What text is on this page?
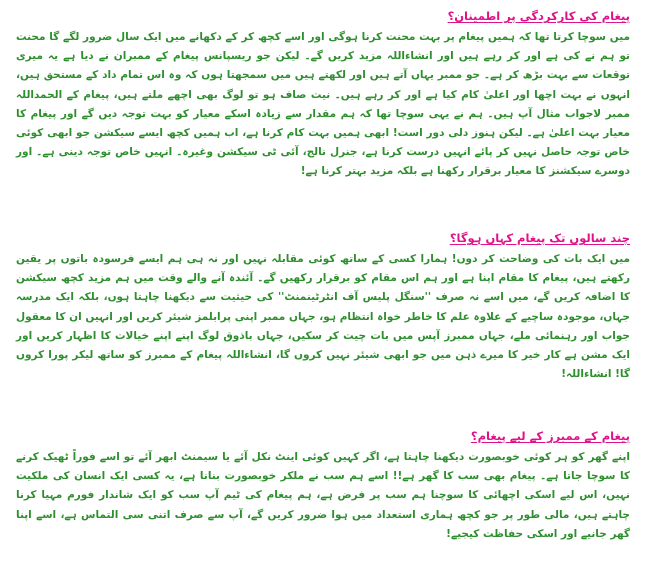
پیغام کی کارکردگی پر اطمینان؟

میں سوچا کرتا تھا کہ ہمیں پیغام پر بہت محنت کرنا ہوگی اور اسے کچھ کر کے دکھانے میں ایک سال ضرور لگے گا محنت تو ہم نے کی ہے اور کر رہے ہیں اور انشاءاللہ مزید کریں گے۔ لیکن جو ریسپانس پیغام کے ممبران نے دیا ہے یہ میری توقعات سے بہت بڑھ کر ہے۔ جو ممبر یہاں آتے ہیں اور لکھتے ہیں میں سمجھتا ہوں کہ وہ اس تمام داد کے مستحق ہیں، انہوں نے بہت اچھا اور اعلیٰ کام کیا ہے اور کر رہے ہیں۔ نیت صاف ہو تو لوگ بھی اچھے ملتے ہیں، پیغام کے الحمداللہ ممبر لاجواب مثال آپ ہیں۔ ہم نے یہی سوچا تھا کہ ہم مقدار سے زیادہ اسکے معیار کو بہت توجہ دیں گے اور پیغام کا معیار بہت اعلیٰ ہے۔ لیکن ہنوز دلی دور است! ابھی ہمیں بہت کام کرنا ہے، اب ہمیں کچھ ایسے سیکشن جو ابھی کوئی خاص توجہ حاصل نہیں کر پائے انہیں درست کرنا ہے، جنرل نالج، آئی ٹی سیکشن وغیرہ۔ انہیں خاص توجہ دینی ہے۔ اور دوسرے سیکشنز کا معیار برقرار رکھنا ہے بلکہ مزید بہتر کرنا ہے!

چند سالوں تک پیغام کہاں ہوگا؟

میں ایک بات کی وضاحت کر دوں! ہمارا کسی کے ساتھ کوئی مقابلہ نہیں اور نہ ہی ہم ایسے فرسودہ باتوں پر یقین رکھتے ہیں، پیغام کا مقام اپنا ہے اور ہم اس مقام کو برقرار رکھیں گے۔ آئندہ آنے والے وقت میں ہم مزید کچھ سیکشن کا اضافہ کریں گے، میں اسے نہ صرف ''سنگل پلیس آف انٹرٹینمنٹ'' کی حیثیت سے دیکھنا چاہتا ہوں، بلکہ ایک مدرسہ جہاں، موجودہ ساچیے کے علاوہ علم کا خاطر خواہ انتظام ہو، جہاں ممبر اپنی پرابلمز شیئر کریں اور انہیں ان کا معقول جواب اور رہنمائی ملے، جہاں ممبرز آپس میں بات چیت کر سکیں، جہاں باذوق لوگ اپنے اپنے خیالات کا اظہار کریں اور ایک مشن ہے کار خیر کا میرے ذہن میں جو ابھی شیئر نہیں کروں گا، انشاءاللہ پیغام کے ممبرز کو ساتھ لیکر پورا کروں گا! انشاءاللہ!

پیغام کے ممبرز کے لیے پیغام؟

اپنے گھر کو ہر کوئی خوبصورت دیکھنا چاہتا ہے، اگر کہیں کوئی اینٹ نکل آئے یا سیمنٹ ابھر آئے تو اسے فوراً ٹھیک کرنے کا سوچا جاتا ہے۔ پیغام بھی سب کا گھر ہے!! اسے ہم سب نے ملکر خوبصورت بنانا ہے، یہ کسی ایک انسان کی ملکیت نہیں، اس لیے اسکی اچھائی کا سوچنا ہم سب پر فرض ہے، ہم پیغام کی ٹیم آپ سب کو ایک شاندار فورم مہیا کرنا چاہتے ہیں، مالی طور پر جو کچھ ہماری استعداد میں ہوا ضرور کریں گے، آپ سے صرف اتنی سی التماس ہے، اسے اپنا گھر جانیے اور اسکی حفاظت کیجیے!
